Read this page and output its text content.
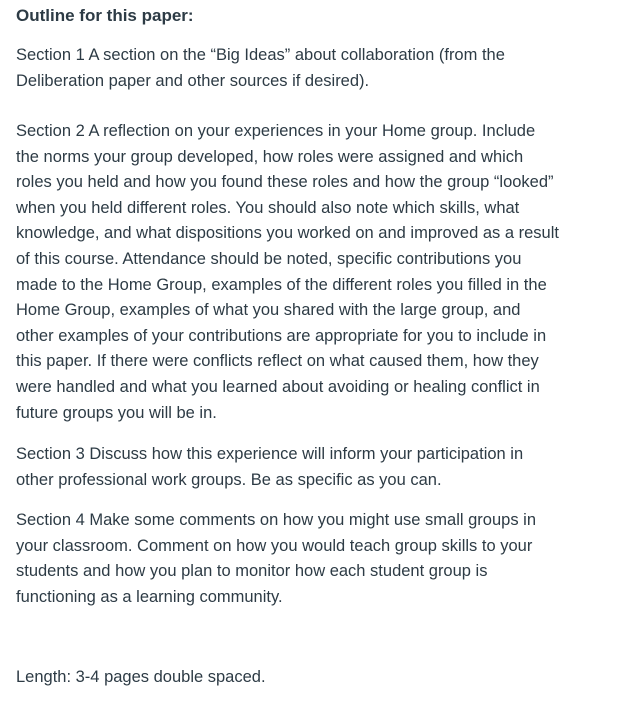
Outline for this paper:

Section 1 A section on the “Big Ideas” about collaboration (from the
Deliberation paper and other sources if desired).

Section 2 A reflection on your experiences in your Home group. Include
the norms your group developed, how roles were assigned and which
roles you held and how you found these roles and how the group “looked”
when you held different roles. You should also note which skills, what
knowledge, and what dispositions you worked on and improved as a result
of this course. Attendance should be noted, specific contributions you
made to the Home Group, examples of the different roles you filled in the
Home Group, examples of what you shared with the large group, and
other examples of your contributions are appropriate for you to include in
this paper. If there were conflicts reflect on what caused them, how they
were handled and what you learned about avoiding or healing conflict in
future groups you will be in.

Section 3 Discuss how this experience will inform your participation in
other professional work groups. Be as specific as you can.

Section 4 Make some comments on how you might use small groups in
your classroom. Comment on how you would teach group skills to your
students and how you plan to monitor how each student group is
functioning as a learning community.

Length: 3-4 pages double spaced.
